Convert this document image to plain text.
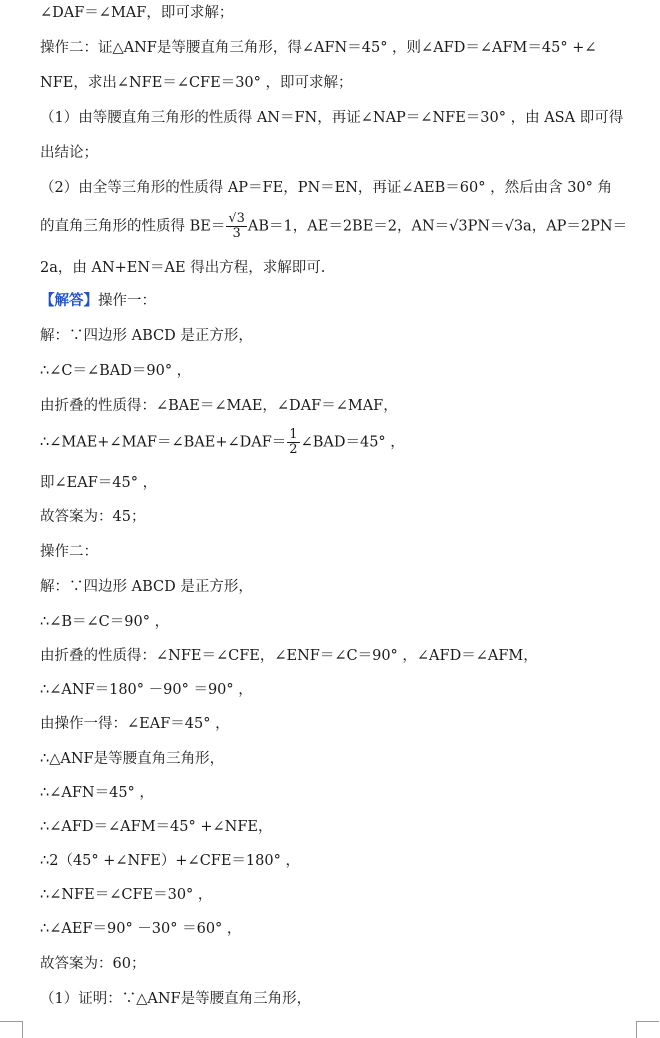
∠DAF＝∠MAF，即可求解；
操作二：证△ANF是等腰直角三角形，得∠AFN＝45° ，则∠AFD＝∠AFM＝45° +∠
NFE，求出∠NFE＝∠CFE＝30° ，即可求解；
（1）由等腰直角三角形的性质得 AN＝FN，再证∠NAP＝∠NFE＝30° ，由 ASA 即可得
出结论；
（2）由全等三角形的性质得 AP＝FE，PN＝EN，再证∠AEB＝60° ，然后由含 30° 角
的直角三角形的性质得 $BE= \frac{√3}{3} AB=1$，AE＝2BE＝2，AN＝√3PN＝√3a，AP＝2PN＝
2a，由 AN+EN＝AE 得出方程，求解即可.
【解答】操作一：
解：∵四边形 ABCD 是正方形，
∴∠C＝∠BAD＝90° ，
由折叠的性质得：∠BAE＝∠MAE，∠DAF＝∠MAF，
∴∠MAE+∠MAF＝∠BAE+∠DAF＝ $\frac{1}{2}$ ∠BAD＝45° ，
即∠EAF＝45° ，
故答案为：45；
操作二：
解：∵四边形 ABCD 是正方形，
∴∠B＝∠C＝90° ，
由折叠的性质得：∠NFE＝∠CFE，∠ENF＝∠C＝90° ，∠AFD＝∠AFM，
∴∠ANF＝180° －90° ＝90° ，
由操作一得：∠EAF＝45° ，
∴△ANF是等腰直角三角形，
∴∠AFN＝45° ，
∴∠AFD＝∠AFM＝45° +∠NFE，
∴2（45° +∠NFE）+∠CFE＝180° ，
∴∠NFE＝∠CFE＝30° ，
∴∠AEF＝90° －30° ＝60° ，
故答案为：60；
（1）证明：∵△ANF是等腰直角三角形，
